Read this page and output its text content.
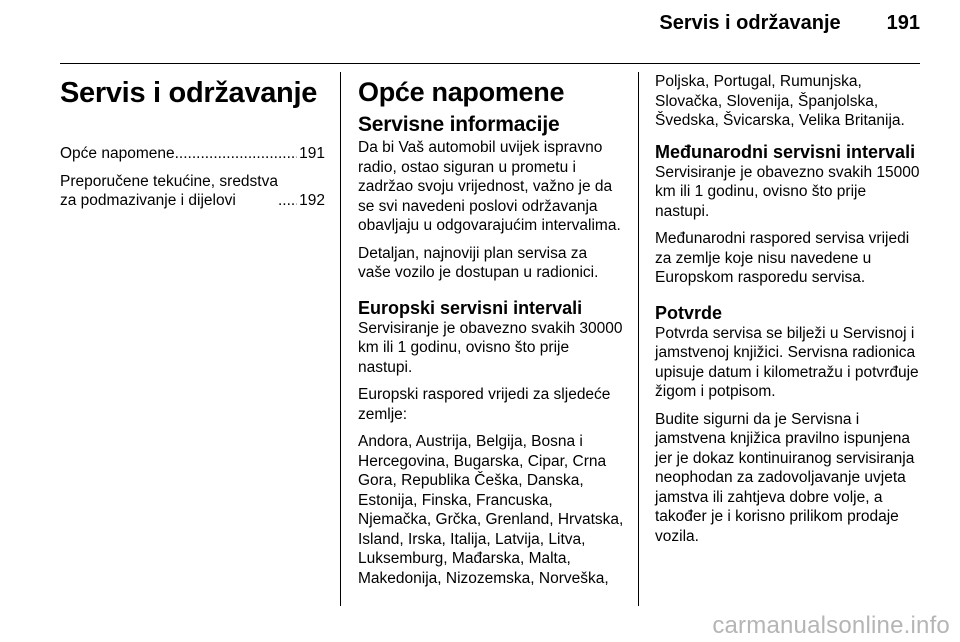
Servis i održavanje 191
Servis i održavanje
Opće napomene .....	191
Preporučene tekućine, sredstva
za podmazivanje i dijelovi .....	192
Opće napomene
Servisne informacije

Da bi Vaš automobil uvijek ispravno radio, ostao siguran u prometu i zadržao svoju vrijednost, važno je da se svi navedeni poslovi održavanja obavljaju u odgovarajućim intervalima.

Detaljan, najnoviji plan servisa za vaše vozilo je dostupan u radionici.

Europski servisni intervali

Servisiranje je obavezno svakih 30000 km ili 1 godinu, ovisno što prije nastupi.

Europski raspored vrijedi za sljedeće zemlje:

Andora, Austrija, Belgija, Bosna i Hercegovina, Bugarska, Cipar, Crna Gora, Republika Češka, Danska, Estonija, Finska, Francuska, Njemačka, Grčka, Grenland, Hrvatska, Island, Irska, Italija, Latvija, Litva, Luksemburg, Mađarska, Malta, Makedonija, Nizozemska, Norveška,

Poljska, Portugal, Rumunjska, Slovačka, Slovenija, Španjolska, Švedska, Švicarska, Velika Britanija.

Međunarodni servisni intervali

Servisiranje je obavezno svakih 15000 km ili 1 godinu, ovisno što prije nastupi.

Međunarodni raspored servisa vrijedi za zemlje koje nisu navedene u Europskom rasporedu servisa.

Potvrde

Potvrda servisa se bilježi u Servisnoj i jamstvenoj knjižici. Servisna radionica upisuje datum i kilometražu i potvrđuje žigom i potpisom.

Budite sigurni da je Servisna i jamstvena knjižica pravilno ispunjena jer je dokaz kontinuiranog servisiranja neophodan za zadovoljavanje uvjeta jamstva ili zahtjeva dobre volje, a također je i korisno prilikom prodaje vozila.

carmanualsonline.info
